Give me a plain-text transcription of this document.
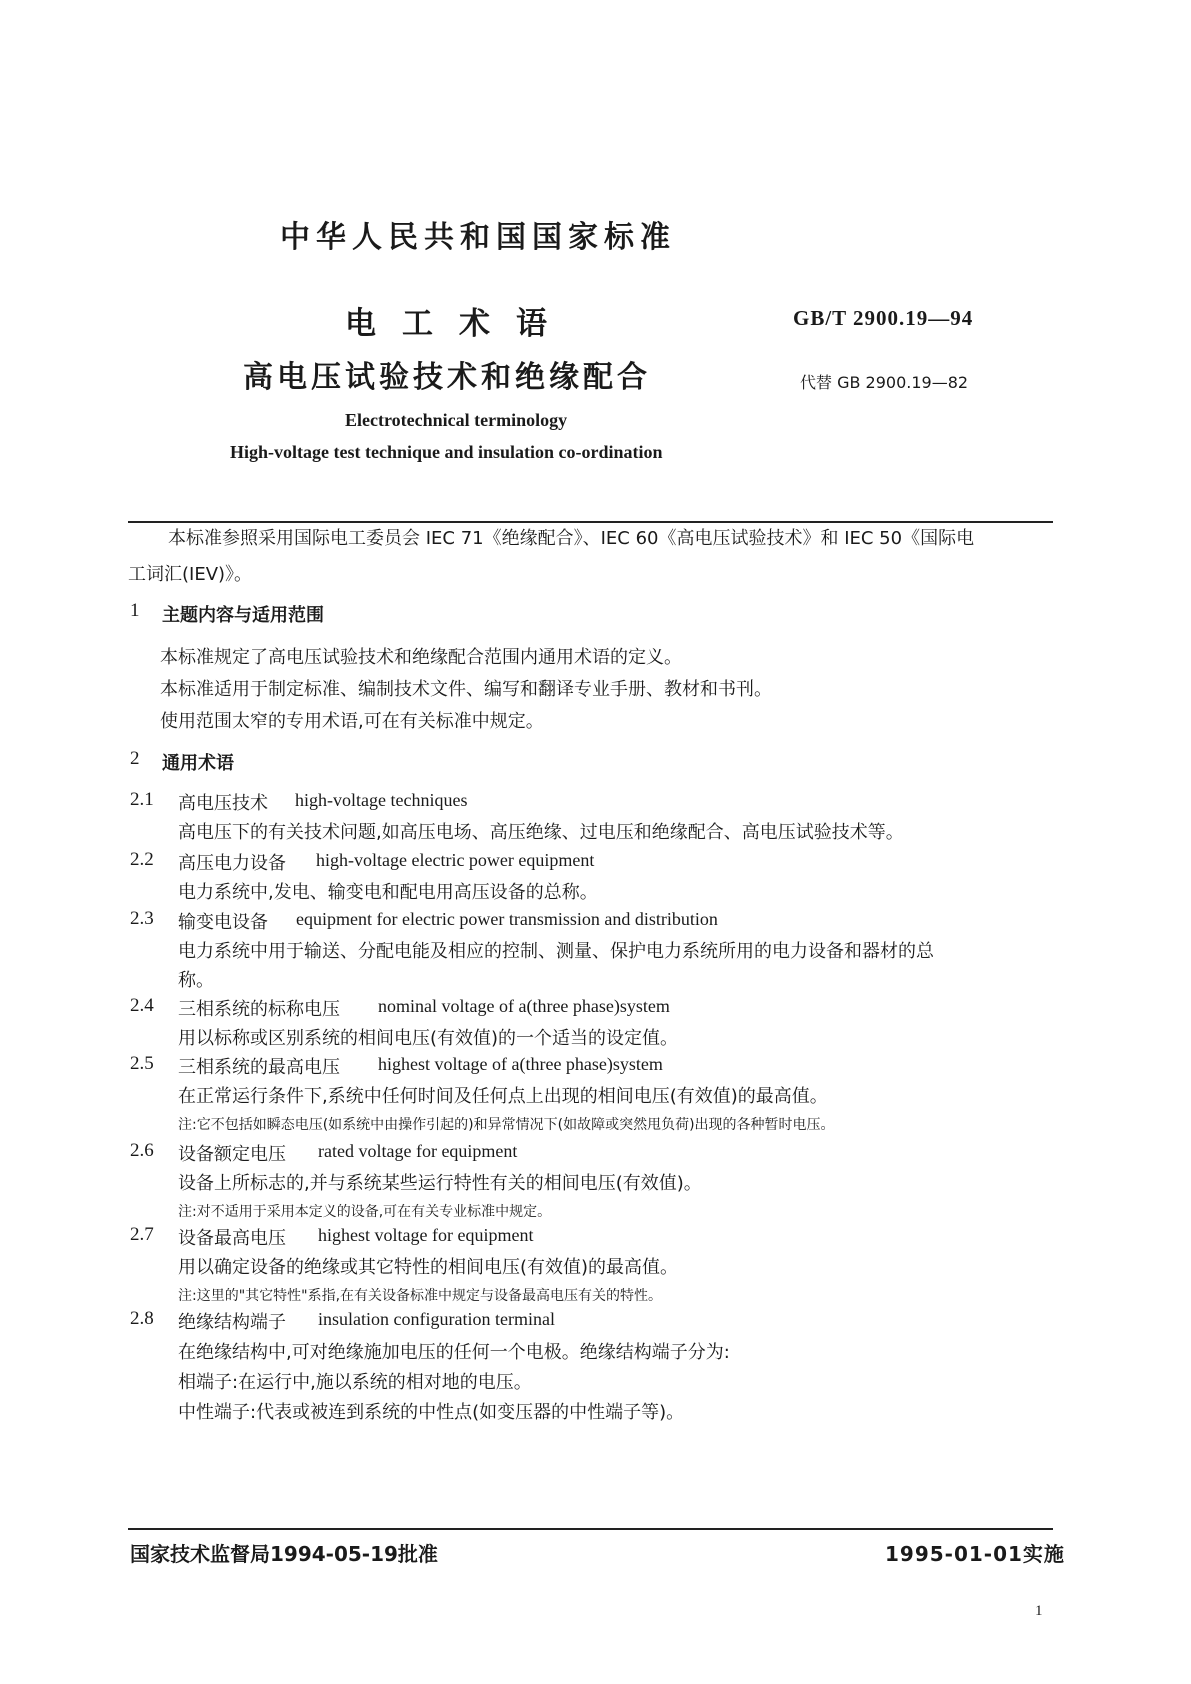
中华人民共和国国家标准
电工术语
高电压试验技术和绝缘配合
GB/T 2900.19—94
代替 GB 2900.19—82
Electrotechnical terminology
High-voltage test technique and insulation co-ordination
本标准参照采用国际电工委员会 IEC 71《绝缘配合》、IEC 60《高电压试验技术》和 IEC 50《国际电
工词汇(IEV)》。
1 主题内容与适用范围
本标准规定了高电压试验技术和绝缘配合范围内通用术语的定义。
本标准适用于制定标准、编制技术文件、编写和翻译专业手册、教材和书刊。
使用范围太窄的专用术语,可在有关标准中规定。
2 通用术语
2.1 高电压技术 high-voltage techniques
高电压下的有关技术问题,如高压电场、高压绝缘、过电压和绝缘配合、高电压试验技术等。
2.2 高压电力设备 high-voltage electric power equipment
电力系统中,发电、输变电和配电用高压设备的总称。
2.3 输变电设备 equipment for electric power transmission and distribution
电力系统中用于输送、分配电能及相应的控制、测量、保护电力系统所用的电力设备和器材的总
称。
2.4 三相系统的标称电压 nominal voltage of a(three phase)system
用以标称或区别系统的相间电压(有效值)的一个适当的设定值。
2.5 三相系统的最高电压 highest voltage of a(three phase)system
在正常运行条件下,系统中任何时间及任何点上出现的相间电压(有效值)的最高值。
注:它不包括如瞬态电压(如系统中由操作引起的)和异常情况下(如故障或突然甩负荷)出现的各种暂时电压。
2.6 设备额定电压 rated voltage for equipment
设备上所标志的,并与系统某些运行特性有关的相间电压(有效值)。
注:对不适用于采用本定义的设备,可在有关专业标准中规定。
2.7 设备最高电压 highest voltage for equipment
用以确定设备的绝缘或其它特性的相间电压(有效值)的最高值。
注:这里的"其它特性"系指,在有关设备标准中规定与设备最高电压有关的特性。
2.8 绝缘结构端子 insulation configuration terminal
在绝缘结构中,可对绝缘施加电压的任何一个电极。绝缘结构端子分为:
相端子:在运行中,施以系统的相对地的电压。
中性端子:代表或被连到系统的中性点(如变压器的中性端子等)。
国家技术监督局1994-05-19批准	1995-01-01实施
1
